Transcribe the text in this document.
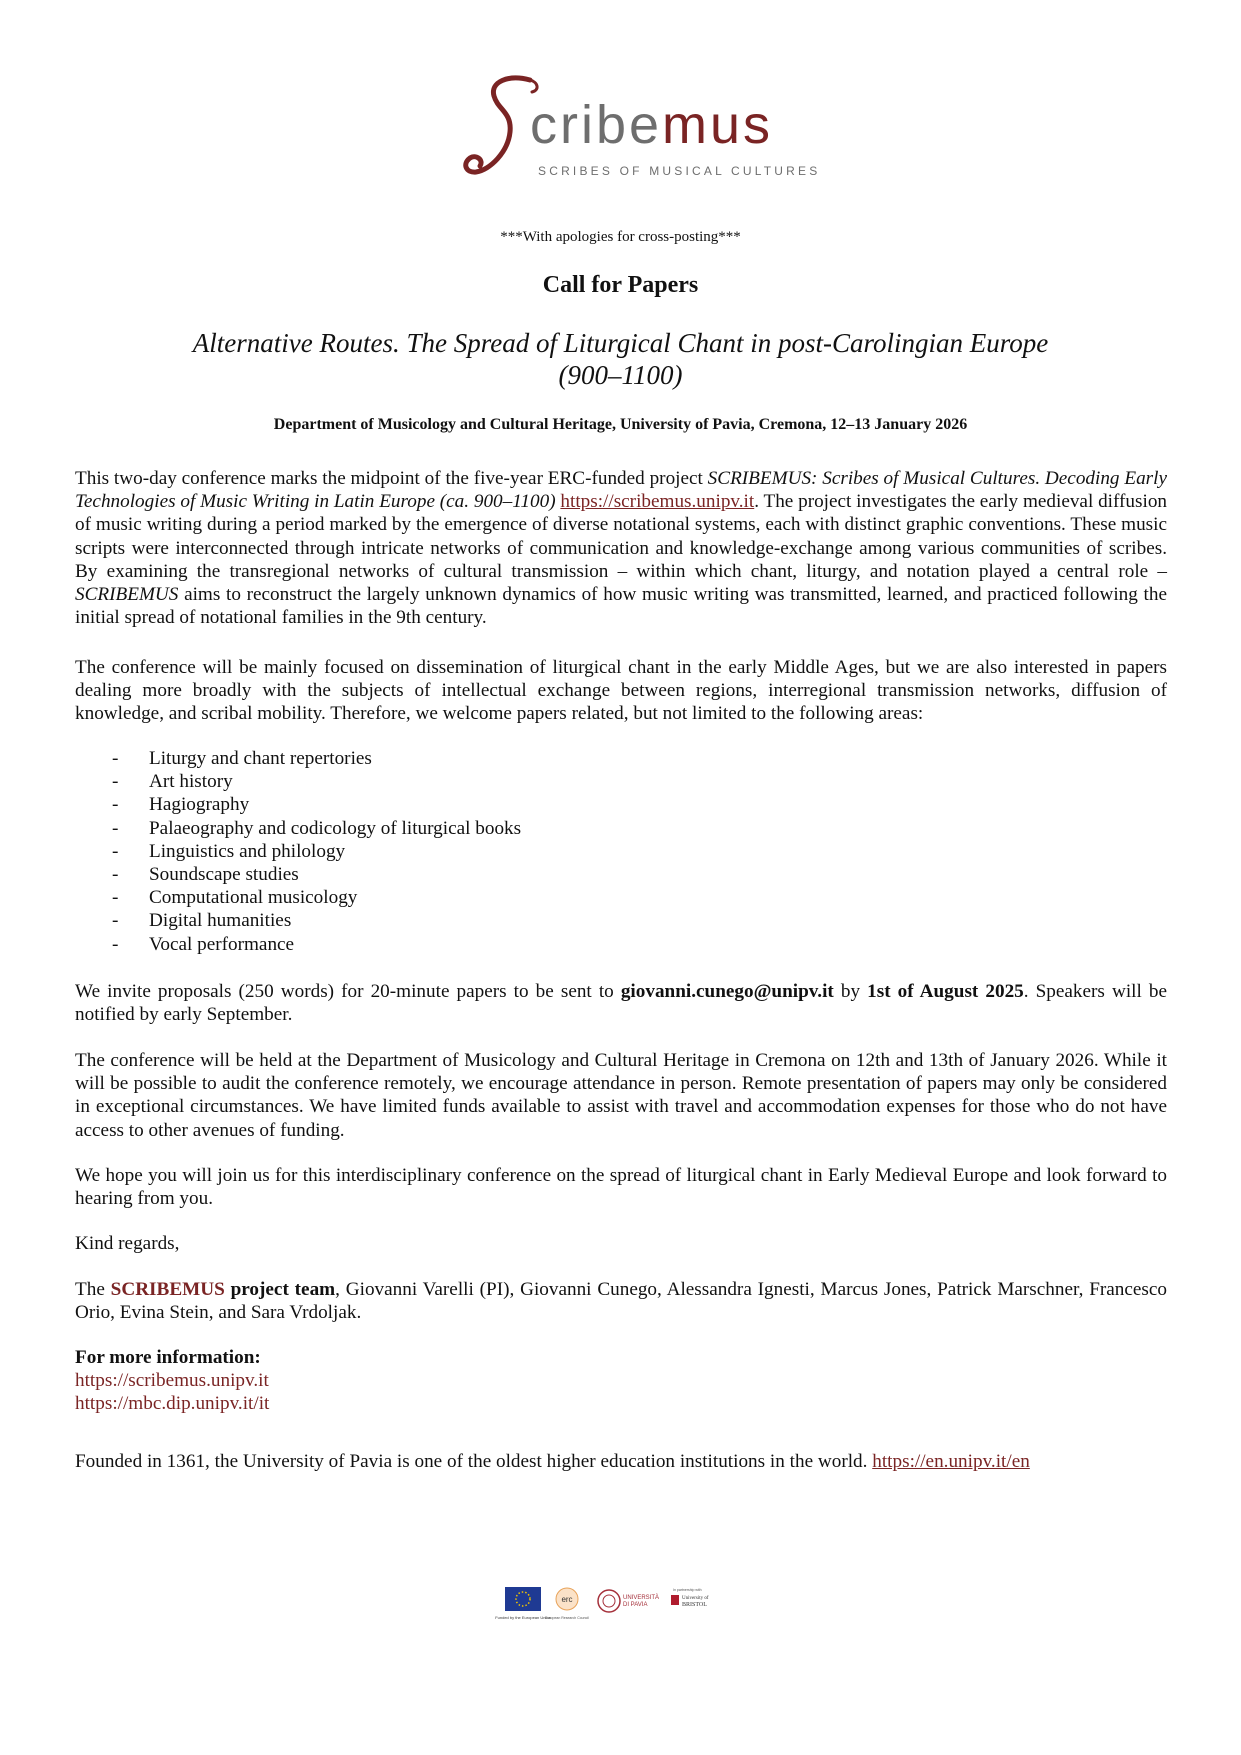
cribemus
SCRIBES OF MUSICAL CULTURES
***With apologies for cross-posting***
Call for Papers
Alternative Routes. The Spread of Liturgical Chant in post-Carolingian Europe
(900–1100)
Department of Musicology and Cultural Heritage, University of Pavia, Cremona, 12–13 January 2026

This two-day conference marks the midpoint of the five-year ERC-funded project SCRIBEMUS: Scribes of Musical Cultures. Decoding Early Technologies of Music Writing in Latin Europe (ca. 900–1100) https://scribemus.unipv.it. The project investigates the early medieval diffusion of music writing during a period marked by the emergence of diverse notational systems, each with distinct graphic conventions. These music scripts were interconnected through intricate networks of communication and knowledge-exchange among various communities of scribes. By examining the transregional networks of cultural transmission – within which chant, liturgy, and notation played a central role – SCRIBEMUS aims to reconstruct the largely unknown dynamics of how music writing was transmitted, learned, and practiced following the initial spread of notational families in the 9th century.

The conference will be mainly focused on dissemination of liturgical chant in the early Middle Ages, but we are also interested in papers dealing more broadly with the subjects of intellectual exchange between regions, interregional transmission networks, diffusion of knowledge, and scribal mobility. Therefore, we welcome papers related, but not limited to the following areas:

- Liturgy and chant repertories
- Art history
- Hagiography
- Palaeography and codicology of liturgical books
- Linguistics and philology
- Soundscape studies
- Computational musicology
- Digital humanities
- Vocal performance

We invite proposals (250 words) for 20-minute papers to be sent to giovanni.cunego@unipv.it by 1st of August 2025. Speakers will be notified by early September.

The conference will be held at the Department of Musicology and Cultural Heritage in Cremona on 12th and 13th of January 2026. While it will be possible to audit the conference remotely, we encourage attendance in person. Remote presentation of papers may only be considered in exceptional circumstances. We have limited funds available to assist with travel and accommodation expenses for those who do not have access to other avenues of funding.

We hope you will join us for this interdisciplinary conference on the spread of liturgical chant in Early Medieval Europe and look forward to hearing from you.

Kind regards,

The SCRIBEMUS project team, Giovanni Varelli (PI), Giovanni Cunego, Alessandra Ignesti, Marcus Jones, Patrick Marschner, Francesco Orio, Evina Stein, and Sara Vrdoljak.

For more information:
https://scribemus.unipv.it
https://mbc.dip.unipv.it/it

Founded in 1361, the University of Pavia is one of the oldest higher education institutions in the world. https://en.unipv.it/en

Funded by the European Union
erc
European Research Council
UNIVERSITÀ
DI PAVIA
In partnership with
University of
BRISTOL
